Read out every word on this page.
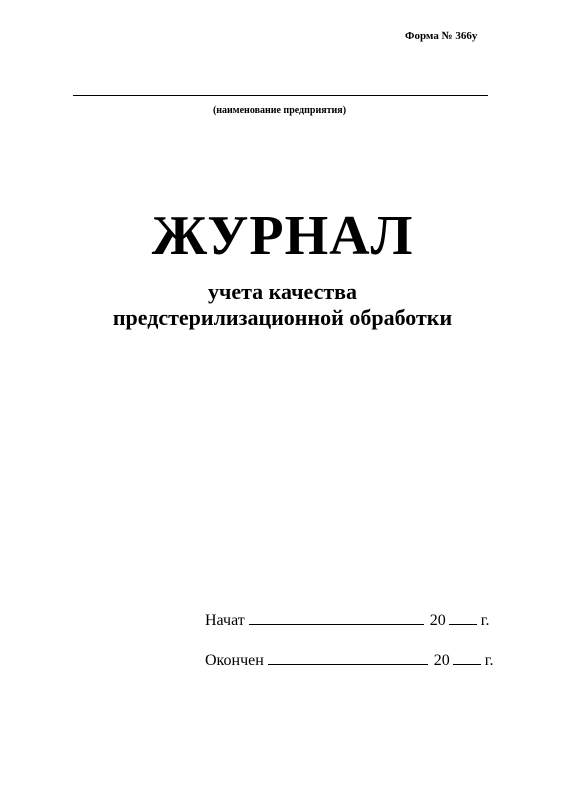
Форма № 366у
(наименование предприятия)
ЖУРНАЛ
учета качества
предстерилизационной обработки
Начат	20 г.
Окончен	20 г.
